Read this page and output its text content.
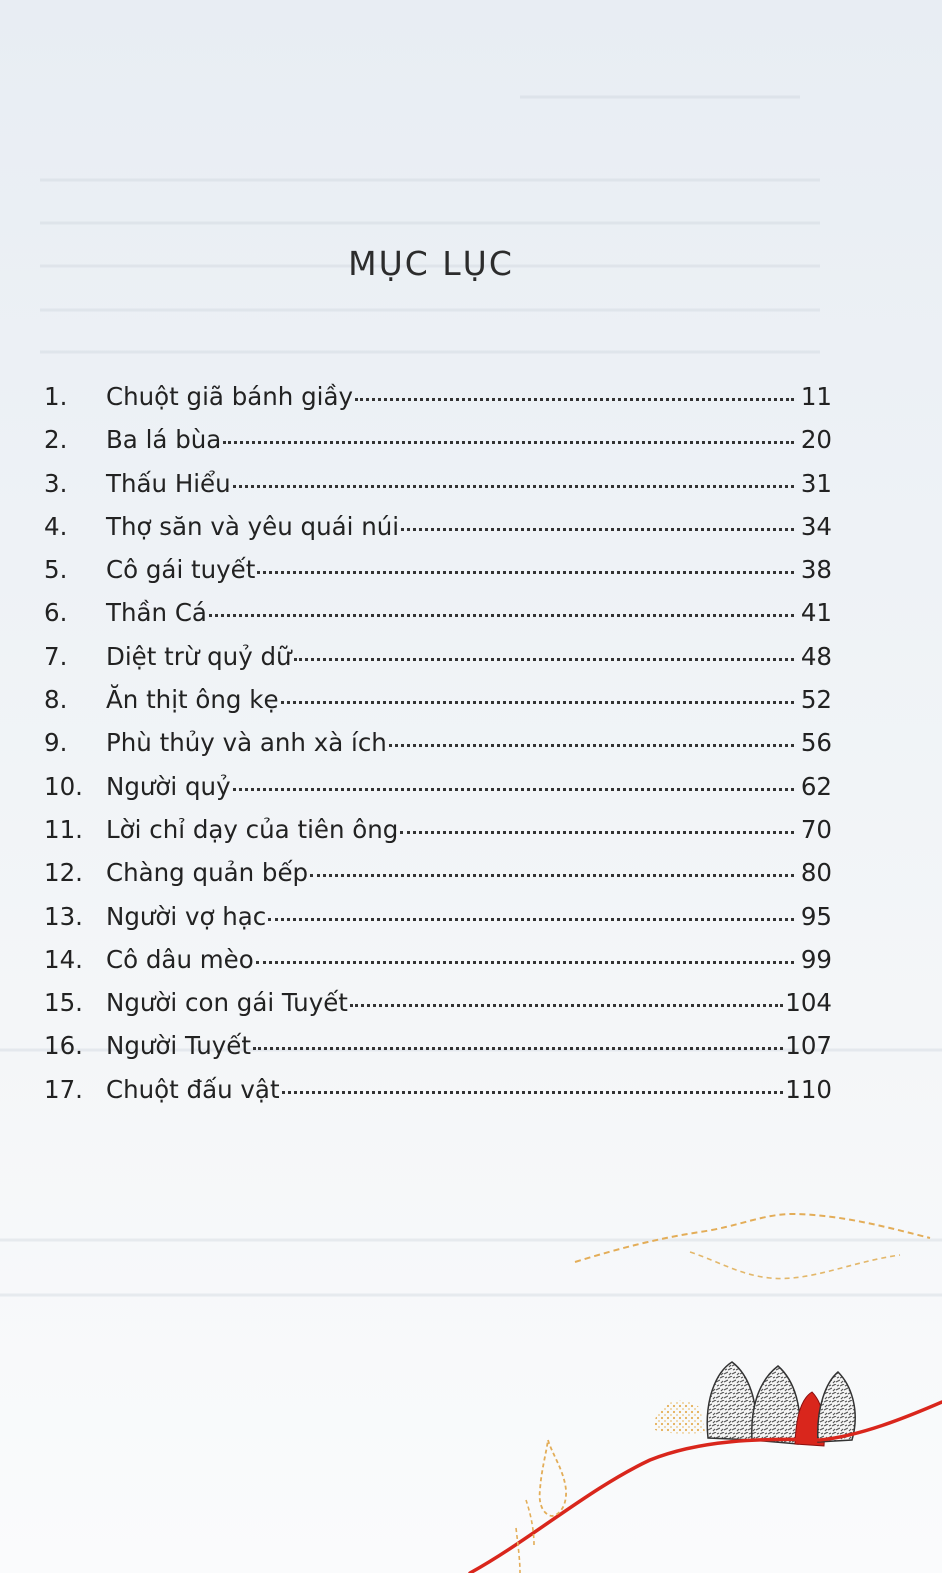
MỤC LỤC
1.	Chuột giã bánh giầy	11
2.	Ba lá bùa	20
3.	Thấu Hiểu	31
4.	Thợ săn và yêu quái núi	34
5.	Cô gái tuyết	38
6.	Thần Cá	41
7.	Diệt trừ quỷ dữ	48
8.	Ăn thịt ông kẹ	52
9.	Phù thủy và anh xà ích	56
10. Người quỷ	62
11. Lời chỉ dạy của tiên ông	70
12. Chàng quản bếp	80
13. Người vợ hạc	95
14. Cô dâu mèo	99
15. Người con gái Tuyết	104
16. Người Tuyết	107
17. Chuột đấu vật	110
